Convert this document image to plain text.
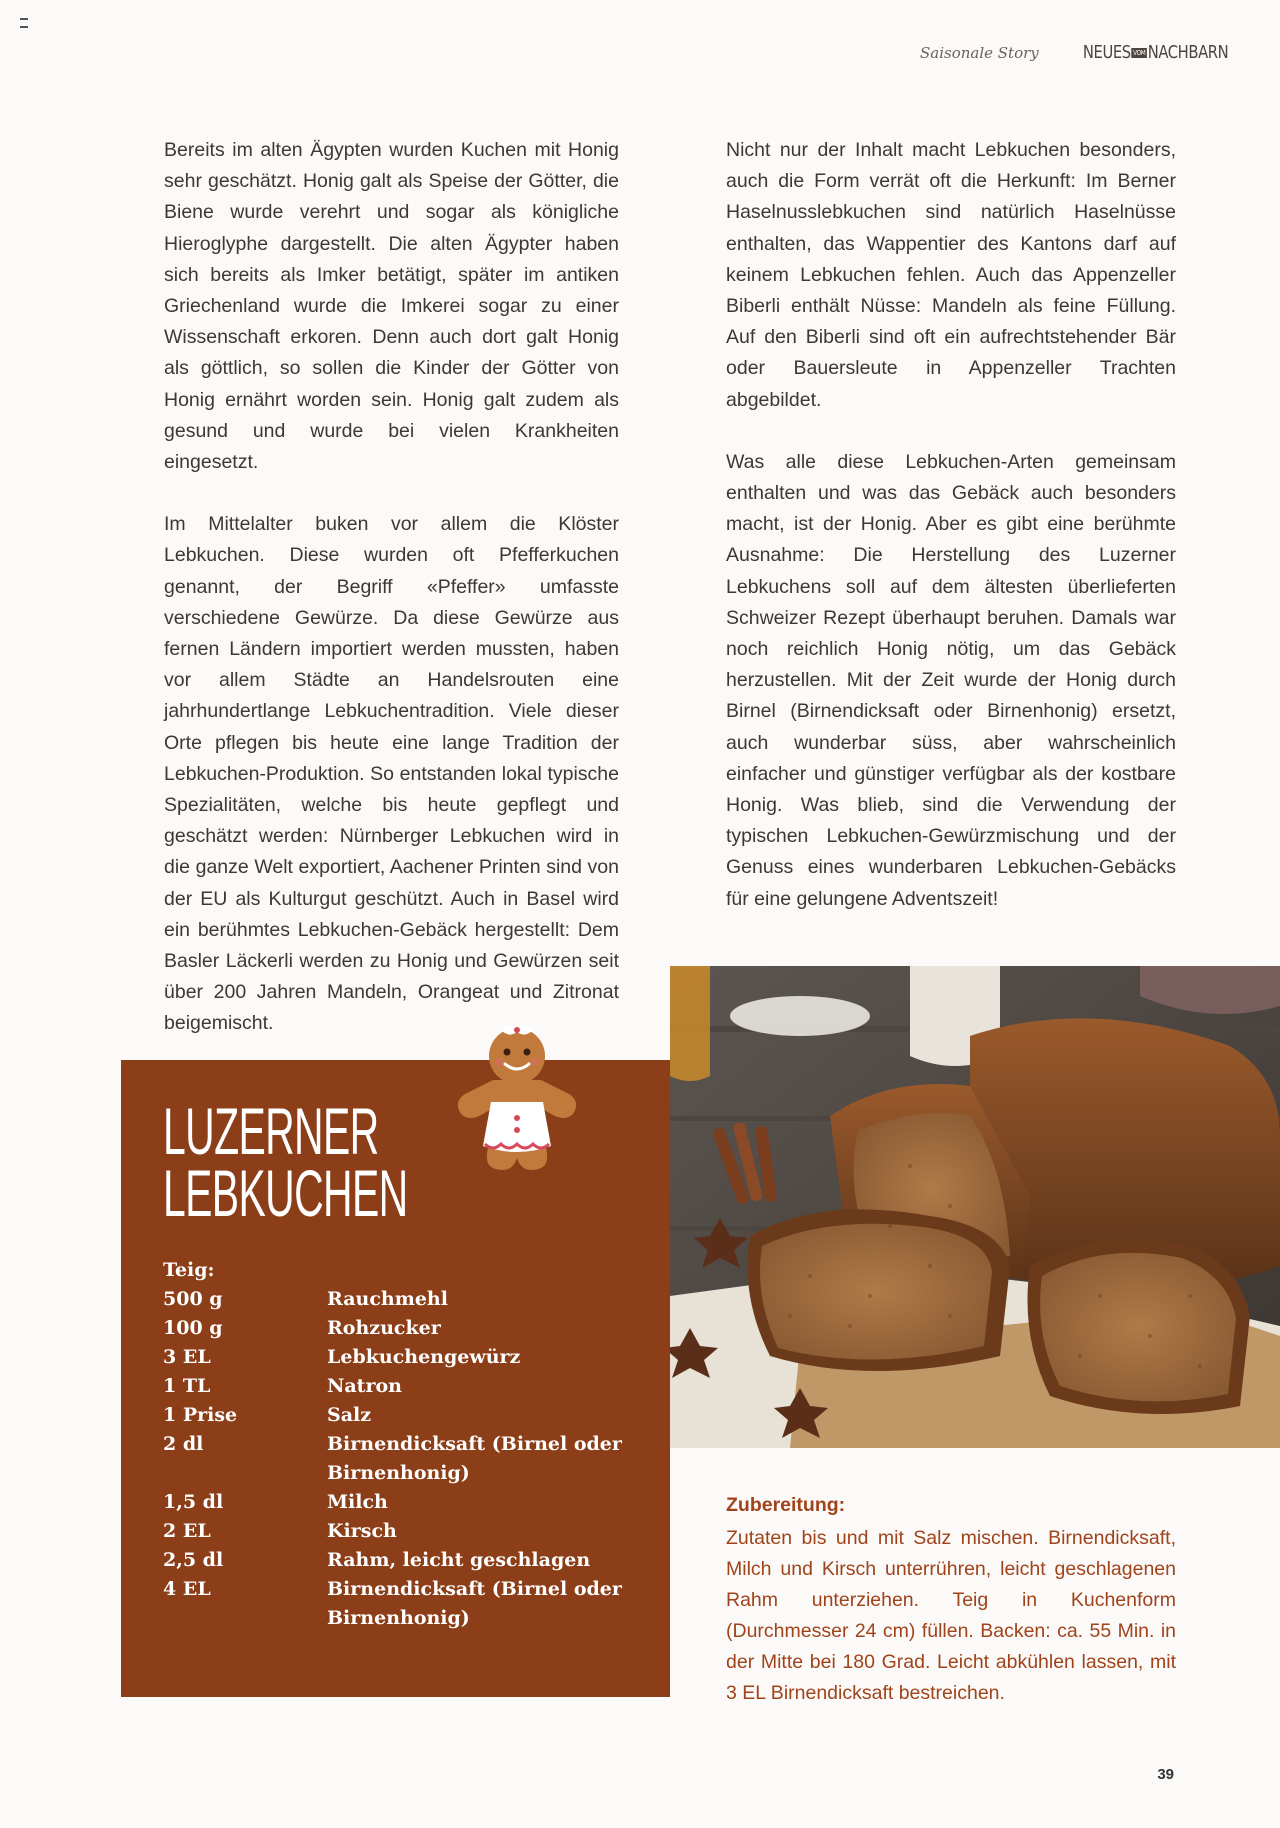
Saisonale Story NEUES VOM NACHBARN

Bereits im alten Ägypten wurden Kuchen mit Honig sehr geschätzt. Honig galt als Speise der Götter, die Biene wurde verehrt und sogar als königliche Hieroglyphe dargestellt. Die alten Ägypter haben sich bereits als Imker betätigt, später im antiken Griechenland wurde die Imkerei sogar zu einer Wissenschaft erkoren. Denn auch dort galt Honig als göttlich, so sollen die Kinder der Götter von Honig ernährt worden sein. Honig galt zudem als gesund und wurde bei vielen Krankheiten eingesetzt.

Im Mittelalter buken vor allem die Klöster Lebkuchen. Diese wurden oft Pfefferkuchen genannt, der Begriff «Pfeffer» umfasste verschiedene Gewürze. Da diese Gewürze aus fernen Ländern importiert werden mussten, haben vor allem Städte an Handelsrouten eine jahrhundertlange Lebkuchentradition. Viele dieser Orte pflegen bis heute eine lange Tradition der Lebkuchen-Produktion. So entstanden lokal typische Spezialitäten, welche bis heute gepflegt und geschätzt werden: Nürnberger Lebkuchen wird in die ganze Welt exportiert, Aachener Printen sind von der EU als Kulturgut geschützt. Auch in Basel wird ein berühmtes Lebkuchen-Gebäck hergestellt: Dem Basler Läckerli werden zu Honig und Gewürzen seit über 200 Jahren Mandeln, Orangeat und Zitronat beigemischt.

Nicht nur der Inhalt macht Lebkuchen besonders, auch die Form verrät oft die Herkunft: Im Berner Haselnusslebkuchen sind natürlich Haselnüsse enthalten, das Wappentier des Kantons darf auf keinem Lebkuchen fehlen. Auch das Appenzeller Biberli enthält Nüsse: Mandeln als feine Füllung. Auf den Biberli sind oft ein aufrechtstehender Bär oder Bauersleute in Appenzeller Trachten abgebildet.

Was alle diese Lebkuchen-Arten gemeinsam enthalten und was das Gebäck auch besonders macht, ist der Honig. Aber es gibt eine berühmte Ausnahme: Die Herstellung des Luzerner Lebkuchens soll auf dem ältesten überlieferten Schweizer Rezept überhaupt beruhen. Damals war noch reichlich Honig nötig, um das Gebäck herzustellen. Mit der Zeit wurde der Honig durch Birnel (Birnendicksaft oder Birnenhonig) ersetzt, auch wunderbar süss, aber wahrscheinlich einfacher und günstiger verfügbar als der kostbare Honig. Was blieb, sind die Verwendung der typischen Lebkuchen-Gewürzmischung und der Genuss eines wunderbaren Lebkuchen-Gebäcks für eine gelungene Adventszeit!

LUZERNER
LEBKUCHEN

Teig:

500 g	Rauchmehl
100 g	Rohzucker
3 EL	Lebkuchengewürz
1 TL	Natron
1 Prise	Salz
2 dl	Birnendicksaft (Birnel oder Birnenhonig)
1,5 dl	Milch
2 EL	Kirsch
2,5 dl	Rahm, leicht geschlagen
4 EL	Birnendicksaft (Birnel oder Birnenhonig)
Zubereitung:

Zutaten bis und mit Salz mischen. Birnendicksaft, Milch und Kirsch unterrühren, leicht geschlagenen Rahm unterziehen. Teig in Kuchenform (Durchmesser 24 cm) füllen. Backen: ca. 55 Min. in der Mitte bei 180 Grad. Leicht abkühlen lassen, mit 3 EL Birnendicksaft bestreichen.

39
